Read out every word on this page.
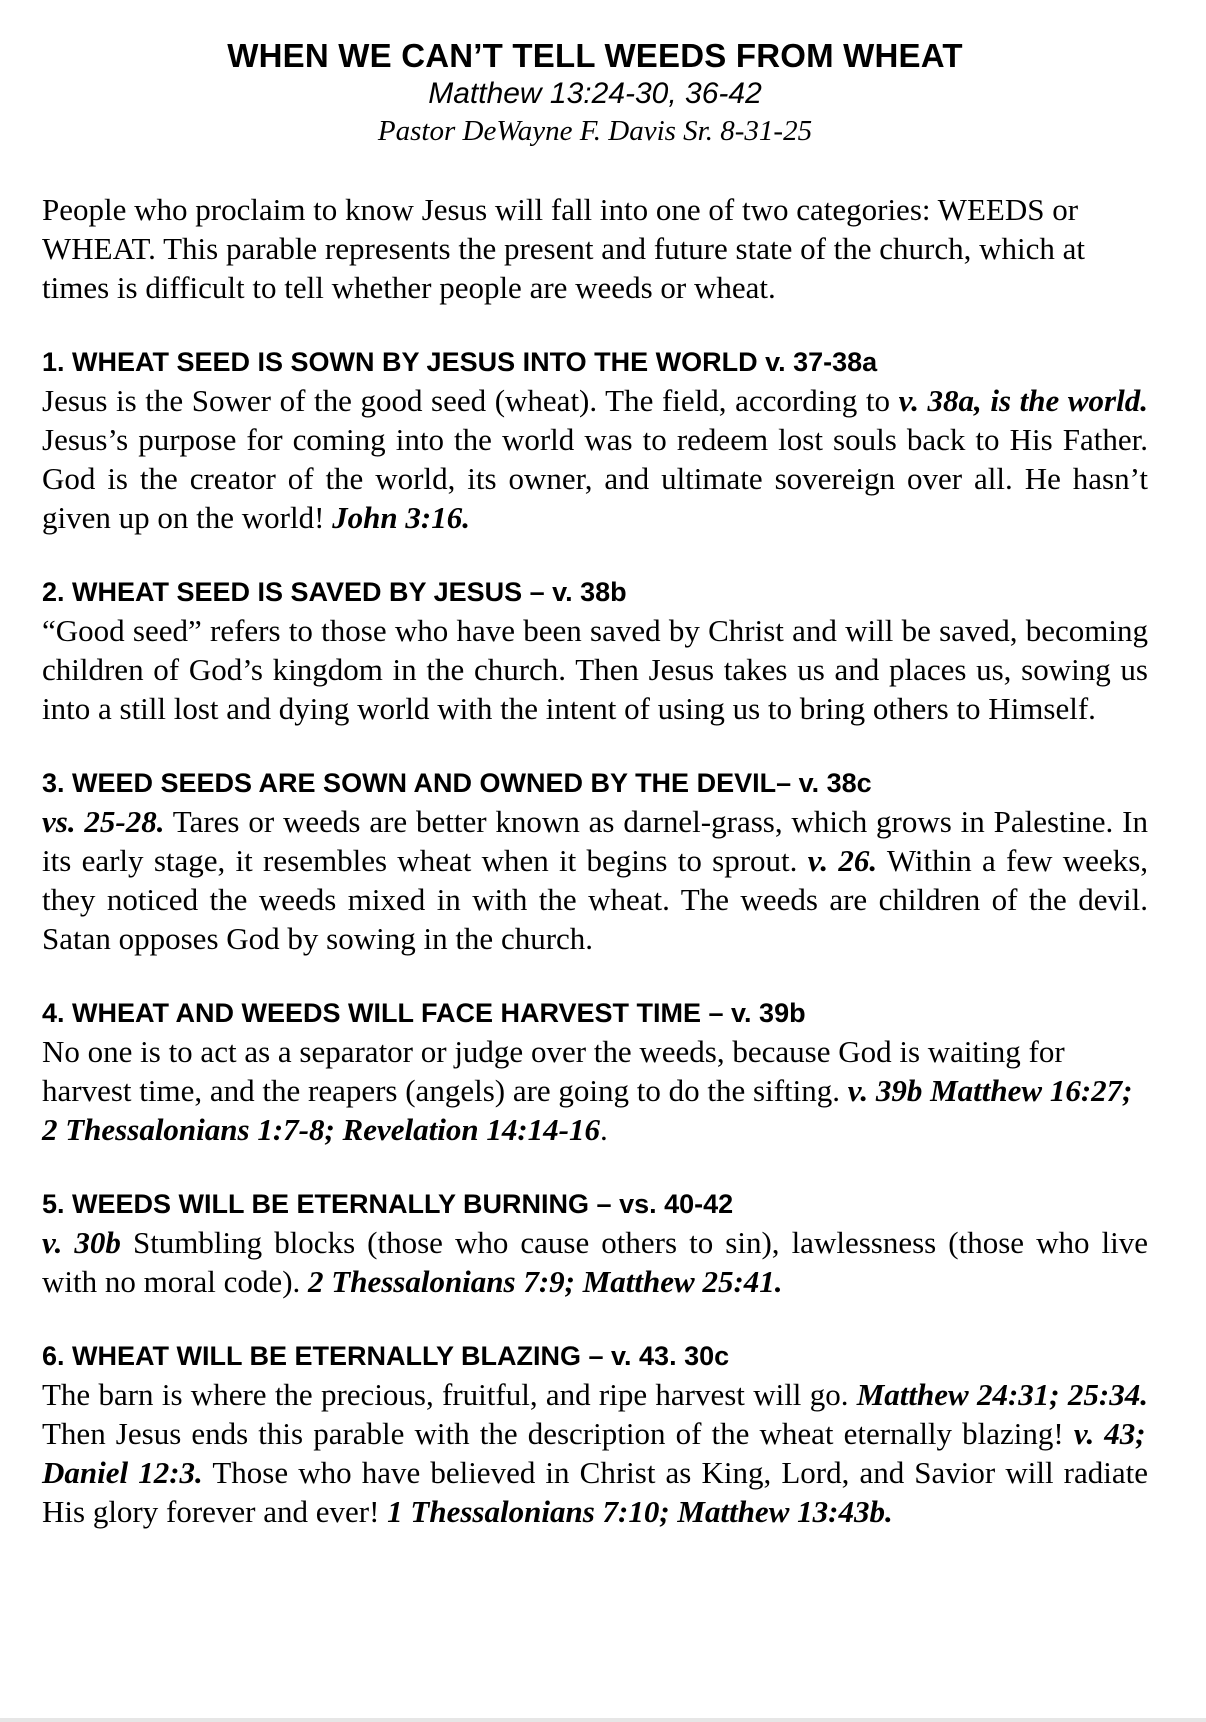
WHEN WE CAN’T TELL WEEDS FROM WHEAT
Matthew 13:24-30, 36-42
Pastor DeWayne F. Davis Sr. 8-31-25
People who proclaim to know Jesus will fall into one of two categories: WEEDS or WHEAT. This parable represents the present and future state of the church, which at times is difficult to tell whether people are weeds or wheat.
1. WHEAT SEED IS SOWN BY JESUS INTO THE WORLD v. 37-38a
Jesus is the Sower of the good seed (wheat). The field, according to v. 38a, is the world. Jesus’s purpose for coming into the world was to redeem lost souls back to His Father. God is the creator of the world, its owner, and ultimate sovereign over all. He hasn’t given up on the world! John 3:16.
2. WHEAT SEED IS SAVED BY JESUS – v. 38b
“Good seed” refers to those who have been saved by Christ and will be saved, becoming children of God’s kingdom in the church. Then Jesus takes us and places us, sowing us into a still lost and dying world with the intent of using us to bring others to Himself.
3. WEED SEEDS ARE SOWN AND OWNED BY THE DEVIL– v. 38c
vs. 25-28. Tares or weeds are better known as darnel-grass, which grows in Palestine. In its early stage, it resembles wheat when it begins to sprout. v. 26. Within a few weeks, they noticed the weeds mixed in with the wheat. The weeds are children of the devil. Satan opposes God by sowing in the church.
4. WHEAT AND WEEDS WILL FACE HARVEST TIME – v. 39b
No one is to act as a separator or judge over the weeds, because God is waiting for harvest time, and the reapers (angels) are going to do the sifting. v. 39b Matthew 16:27; 2 Thessalonians 1:7-8; Revelation 14:14-16.
5. WEEDS WILL BE ETERNALLY BURNING – vs. 40-42
v. 30b Stumbling blocks (those who cause others to sin), lawlessness (those who live with no moral code). 2 Thessalonians 7:9; Matthew 25:41.
6. WHEAT WILL BE ETERNALLY BLAZING – v. 43. 30c
The barn is where the precious, fruitful, and ripe harvest will go. Matthew 24:31; 25:34. Then Jesus ends this parable with the description of the wheat eternally blazing! v. 43; Daniel 12:3. Those who have believed in Christ as King, Lord, and Savior will radiate His glory forever and ever! 1 Thessalonians 7:10; Matthew 13:43b.
